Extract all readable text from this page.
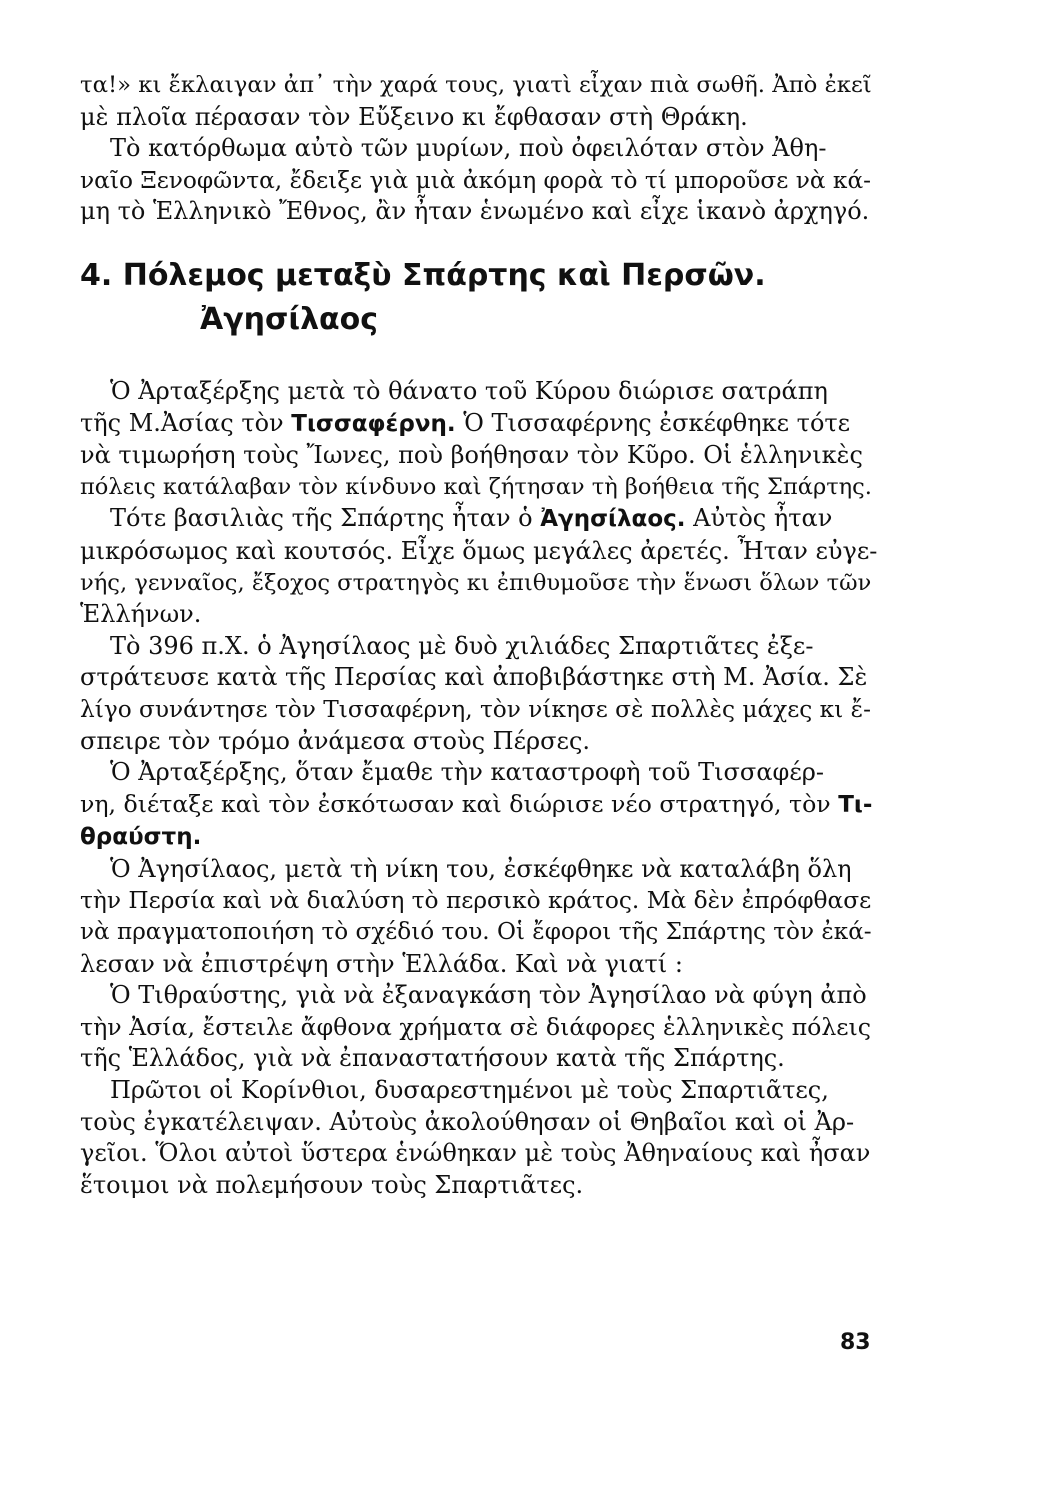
τα!» κι ἔκλαιγαν ἀπ᾿ τὴν χαρά τους, γιατὶ εἶχαν πιὰ σωθῆ. Ἀπὸ ἐκεῖ
μὲ πλοῖα πέρασαν τὸν Εὔξεινο κι ἔφθασαν στὴ Θράκη.
Τὸ κατόρθωμα αὐτὸ τῶν μυρίων, ποὺ ὀφειλόταν στὸν Ἀθη-
ναῖο Ξενοφῶντα, ἔδειξε γιὰ μιὰ ἀκόμη φορὰ τὸ τί μποροῦσε νὰ κά-
μη τὸ Ἑλληνικὸ Ἔθνος, ἂν ἦταν ἑνωμένο καὶ εἶχε ἱκανὸ ἀρχηγό.
4. Πόλεμος μεταξὺ Σπάρτης καὶ Περσῶν.
Ἀγησίλαος
Ὁ Ἀρταξέρξης μετὰ τὸ θάνατο τοῦ Κύρου διώρισε σατράπη
τῆς Μ.Ἀσίας τὸν Τισσαφέρνη. Ὁ Τισσαφέρνης ἐσκέφθηκε τότε
νὰ τιμωρήση τοὺς Ἴωνες, ποὺ βοήθησαν τὸν Κῦρο. Οἱ ἑλληνικὲς
πόλεις κατάλαβαν τὸν κίνδυνο καὶ ζήτησαν τὴ βοήθεια τῆς Σπάρτης.
Τότε βασιλιὰς τῆς Σπάρτης ἦταν ὁ Ἀγησίλαος. Αὐτὸς ἦταν
μικρόσωμος καὶ κουτσός. Εἶχε ὅμως μεγάλες ἀρετές. Ἦταν εὐγε-
νής, γενναῖος, ἔξοχος στρατηγὸς κι ἐπιθυμοῦσε τὴν ἕνωσι ὅλων τῶν
Ἑλλήνων.
Τὸ 396 π.Χ. ὁ Ἀγησίλαος μὲ δυὸ χιλιάδες Σπαρτιᾶτες ἐξε-
στράτευσε κατὰ τῆς Περσίας καὶ ἀποβιβάστηκε στὴ Μ. Ἀσία. Σὲ
λίγο συνάντησε τὸν Τισσαφέρνη, τὸν νίκησε σὲ πολλὲς μάχες κι ἔ-
σπειρε τὸν τρόμο ἀνάμεσα στοὺς Πέρσες.
Ὁ Ἀρταξέρξης, ὅταν ἔμαθε τὴν καταστροφὴ τοῦ Τισσαφέρ-
νη, διέταξε καὶ τὸν ἐσκότωσαν καὶ διώρισε νέο στρατηγό, τὸν Τι-
θραύστη.
Ὁ Ἀγησίλαος, μετὰ τὴ νίκη του, ἐσκέφθηκε νὰ καταλάβη ὅλη
τὴν Περσία καὶ νὰ διαλύση τὸ περσικὸ κράτος. Μὰ δὲν ἐπρόφθασε
νὰ πραγματοποιήση τὸ σχέδιό του. Οἱ ἔφοροι τῆς Σπάρτης τὸν ἐκά-
λεσαν νὰ ἐπιστρέψη στὴν Ἑλλάδα. Καὶ νὰ γιατί :
Ὁ Τιθραύστης, γιὰ νὰ ἐξαναγκάση τὸν Ἀγησίλαο νὰ φύγη ἀπὸ
τὴν Ἀσία, ἔστειλε ἄφθονα χρήματα σὲ διάφορες ἑλληνικὲς πόλεις
τῆς Ἑλλάδος, γιὰ νὰ ἐπαναστατήσουν κατὰ τῆς Σπάρτης.
Πρῶτοι οἱ Κορίνθιοι, δυσαρεστημένοι μὲ τοὺς Σπαρτιᾶτες,
τοὺς ἐγκατέλειψαν. Αὐτοὺς ἀκολούθησαν οἱ Θηβαῖοι καὶ οἱ Ἀρ-
γεῖοι. Ὅλοι αὐτοὶ ὕστερα ἑνώθηκαν μὲ τοὺς Ἀθηναίους καὶ ἦσαν
ἕτοιμοι νὰ πολεμήσουν τοὺς Σπαρτιᾶτες.
83
